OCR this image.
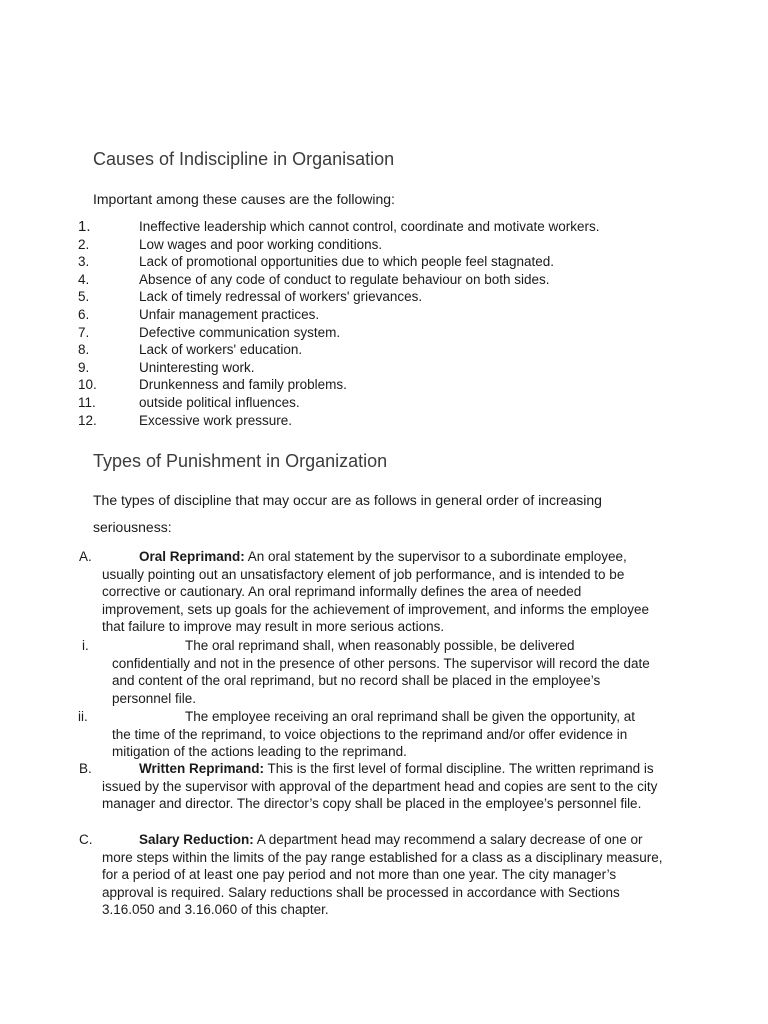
Causes of Indiscipline in Organisation

Important among these causes are the following:

1.	Ineffective leadership which cannot control, coordinate and motivate workers.
2.	Low wages and poor working conditions.
3.	Lack of promotional opportunities due to which people feel stagnated.
4.	Absence of any code of conduct to regulate behaviour on both sides.
5.	Lack of timely redressal of workers' grievances.
6.	Unfair management practices.
7.	Defective communication system.
8.	Lack of workers' education.
9.	Uninteresting work.
10.	Drunkenness and family problems.
11.	outside political influences.
12.	Excessive work pressure.
Types of Punishment in Organization

The types of discipline that may occur are as follows in general order of increasing

seriousness:

A.	Oral Reprimand: An oral statement by the supervisor to a subordinate employee, usually pointing out an unsatisfactory element of job performance, and is intended to be corrective or cautionary. An oral reprimand informally defines the area of needed improvement, sets up goals for the achievement of improvement, and informs the employee that failure to improve may result in more serious actions.
i.	The oral reprimand shall, when reasonably possible, be delivered confidentially and not in the presence of other persons. The supervisor will record the date and content of the oral reprimand, but no record shall be placed in the employee’s personnel file.
ii.	The employee receiving an oral reprimand shall be given the opportunity, at the time of the reprimand, to voice objections to the reprimand and/or offer evidence in mitigation of the actions leading to the reprimand.
B.	Written Reprimand: This is the first level of formal discipline. The written reprimand is issued by the supervisor with approval of the department head and copies are sent to the city manager and director. The director’s copy shall be placed in the employee’s personnel file.
C.	Salary Reduction: A department head may recommend a salary decrease of one or more steps within the limits of the pay range established for a class as a disciplinary measure, for a period of at least one pay period and not more than one year. The city manager’s approval is required. Salary reductions shall be processed in accordance with Sections 3.16.050 and 3.16.060 of this chapter.
